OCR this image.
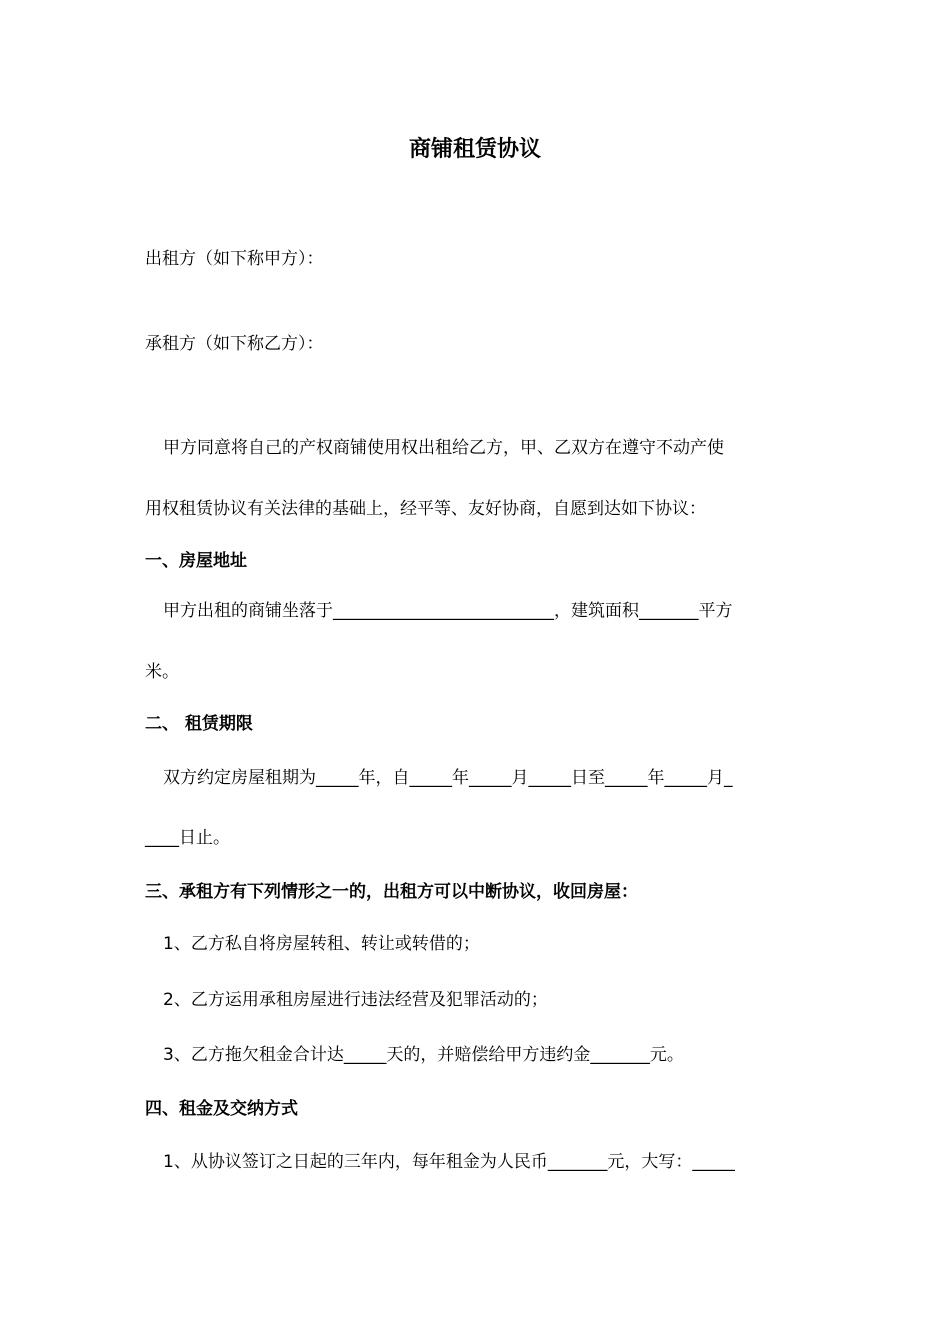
商铺租赁协议
出租方（如下称甲方）：
承租方（如下称乙方）：
甲方同意将自己的产权商铺使用权出租给乙方，甲、乙双方在遵守不动产使
用权租赁协议有关法律的基础上，经平等、友好协商，自愿到达如下协议：
一、房屋地址
甲方出租的商铺坐落于__________________________，建筑面积_______平方
米。
二、 租赁期限
双方约定房屋租期为_____年，自_____年_____月_____日至_____年_____月_
____日止。
三、承租方有下列情形之一的，出租方可以中断协议，收回房屋：
1、乙方私自将房屋转租、转让或转借的；
2、乙方运用承租房屋进行违法经营及犯罪活动的；
3、乙方拖欠租金合计达_____天的，并赔偿给甲方违约金_______元。
四、租金及交纳方式
1、从协议签订之日起的三年内，每年租金为人民币_______元，大写：_____
